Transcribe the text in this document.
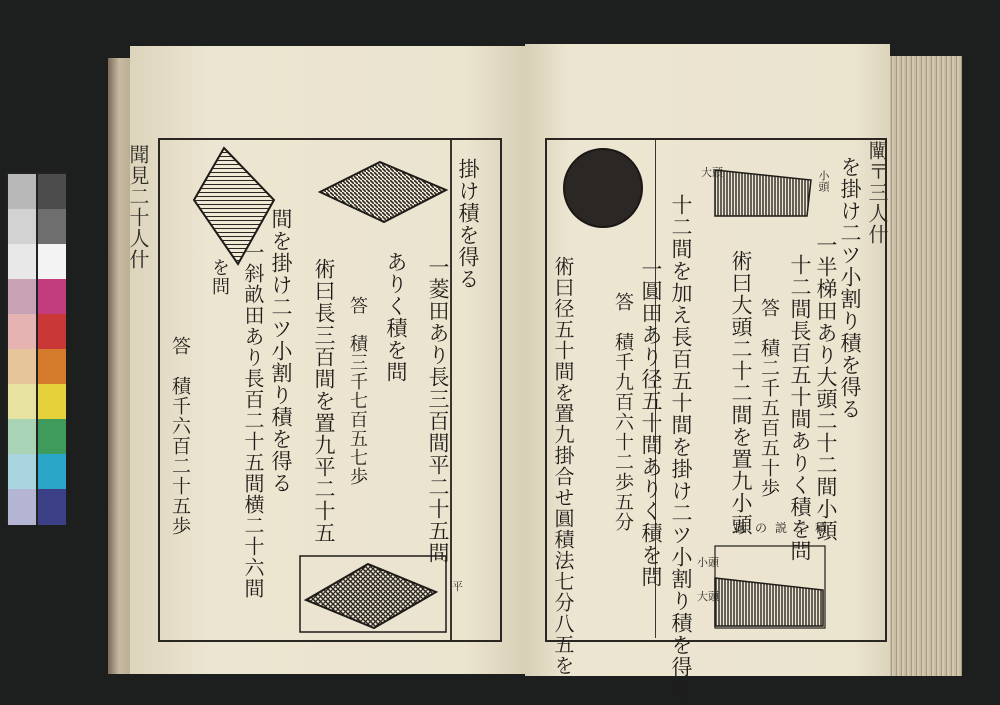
聞見二十人什	掛け積を得る
一菱田あり長三百間平二十五間
ありく積を問
術曰長三百間を置九平二十五 答　積三千七百五七歩
間を掛け二ツ小割り積を得る
一斜畝田あり長百二十五間横二十六間
を問
答　積千六百二十五歩
平
闡〒三人什
を掛け二ツ小割り積を得る
一半梯田あり大頭二十二間小頭
十二間長百五十間ありく積を問
答　積二千五百五十歩
術曰大頭二十二間を置九小頭
十二間を加え長百五十間を掛け二ツ小割り積を得る
一圓田あり径五十間ありく積を問
答　積千九百六十二歩五分
術曰径五十間を置九掛合せ圓積法七分八五を
大頭	小頭
圖の説二積
小頭
大頭
